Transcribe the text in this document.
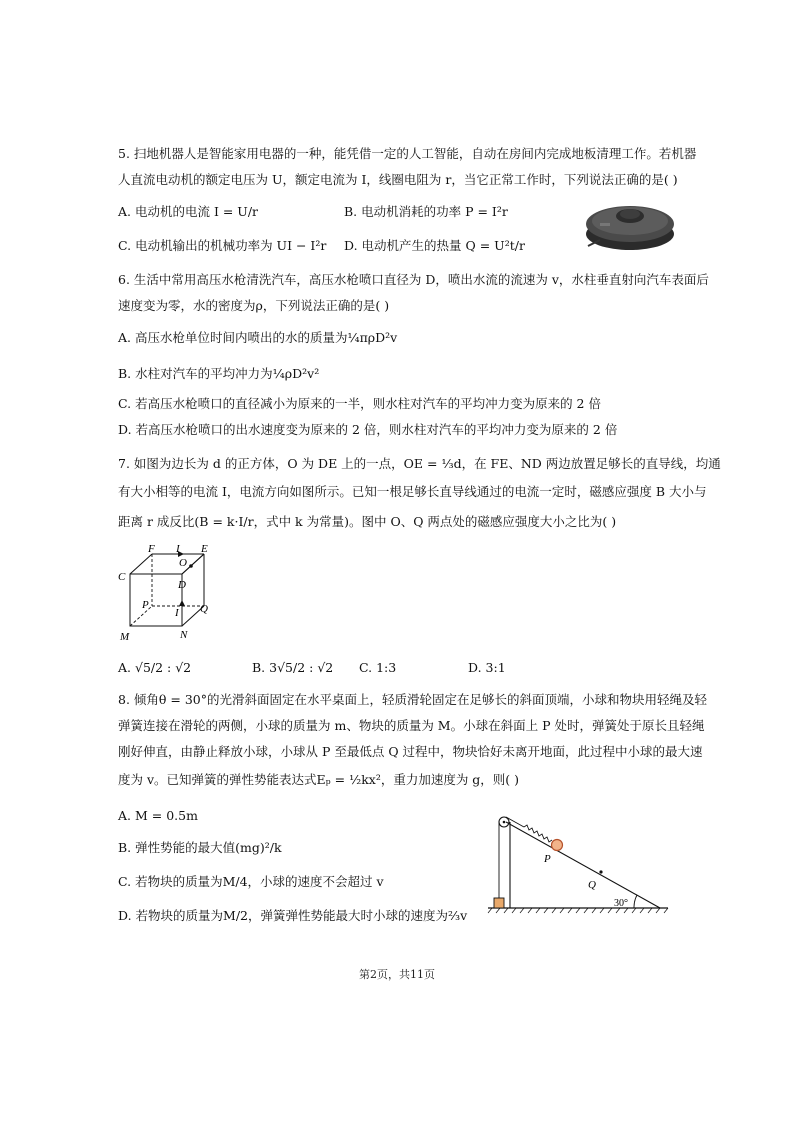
5. 扫地机器人是智能家用电器的一种，能凭借一定的人工智能，自动在房间内完成地板清理工作。若机器
人直流电动机的额定电压为 U，额定电流为 I，线圈电阻为 r，当它正常工作时，下列说法正确的是( )
A. 电动机的电流 I = U/r	B. 电动机消耗的功率 P = I²r
C. 电动机输出的机械功率为 UI − I²r D. 电动机产生的热量 Q = U²t/r
6. 生活中常用高压水枪清洗汽车，高压水枪喷口直径为 D，喷出水流的流速为 v，水柱垂直射向汽车表面后
速度变为零，水的密度为ρ，下列说法正确的是( )
A. 高压水枪单位时间内喷出的水的质量为¼πρD²v
B. 水柱对汽车的平均冲力为¼ρD²v²
C. 若高压水枪喷口的直径减小为原来的一半，则水柱对汽车的平均冲力变为原来的 2 倍
D. 若高压水枪喷口的出水速度变为原来的 2 倍，则水柱对汽车的平均冲力变为原来的 2 倍
7. 如图为边长为 d 的正方体，O 为 DE 上的一点，OE = ⅓d，在 FE、ND 两边放置足够长的直导线，均通
有大小相等的电流 I，电流方向如图所示。已知一根足够长直导线通过的电流一定时，磁感应强度 B 大小与
距离 r 成反比(B = k·I/r，式中 k 为常量)。图中 O、Q 两点处的磁感应强度大小之比为( )
F I E
C
O
D
P
I Q
M	N
A. √5/2 : √2	B. 3√5/2 : √2 C. 1:3	D. 3:1
8. 倾角θ = 30°的光滑斜面固定在水平桌面上，轻质滑轮固定在足够长的斜面顶端，小球和物块用轻绳及轻
弹簧连接在滑轮的两侧，小球的质量为 m、物块的质量为 M。小球在斜面上 P 处时，弹簧处于原长且轻绳
刚好伸直，由静止释放小球，小球从 P 至最低点 Q 过程中，物块恰好未离开地面，此过程中小球的最大速
度为 v。已知弹簧的弹性势能表达式Eₚ = ½kx²，重力加速度为 g，则( )
A. M = 0.5m
B. 弹性势能的最大值(mg)²/k
C. 若物块的质量为M/4，小球的速度不会超过 v
D. 若物块的质量为M/2，弹簧弹性势能最大时小球的速度为⅔v
P
Q
30°
第2页，共11页
